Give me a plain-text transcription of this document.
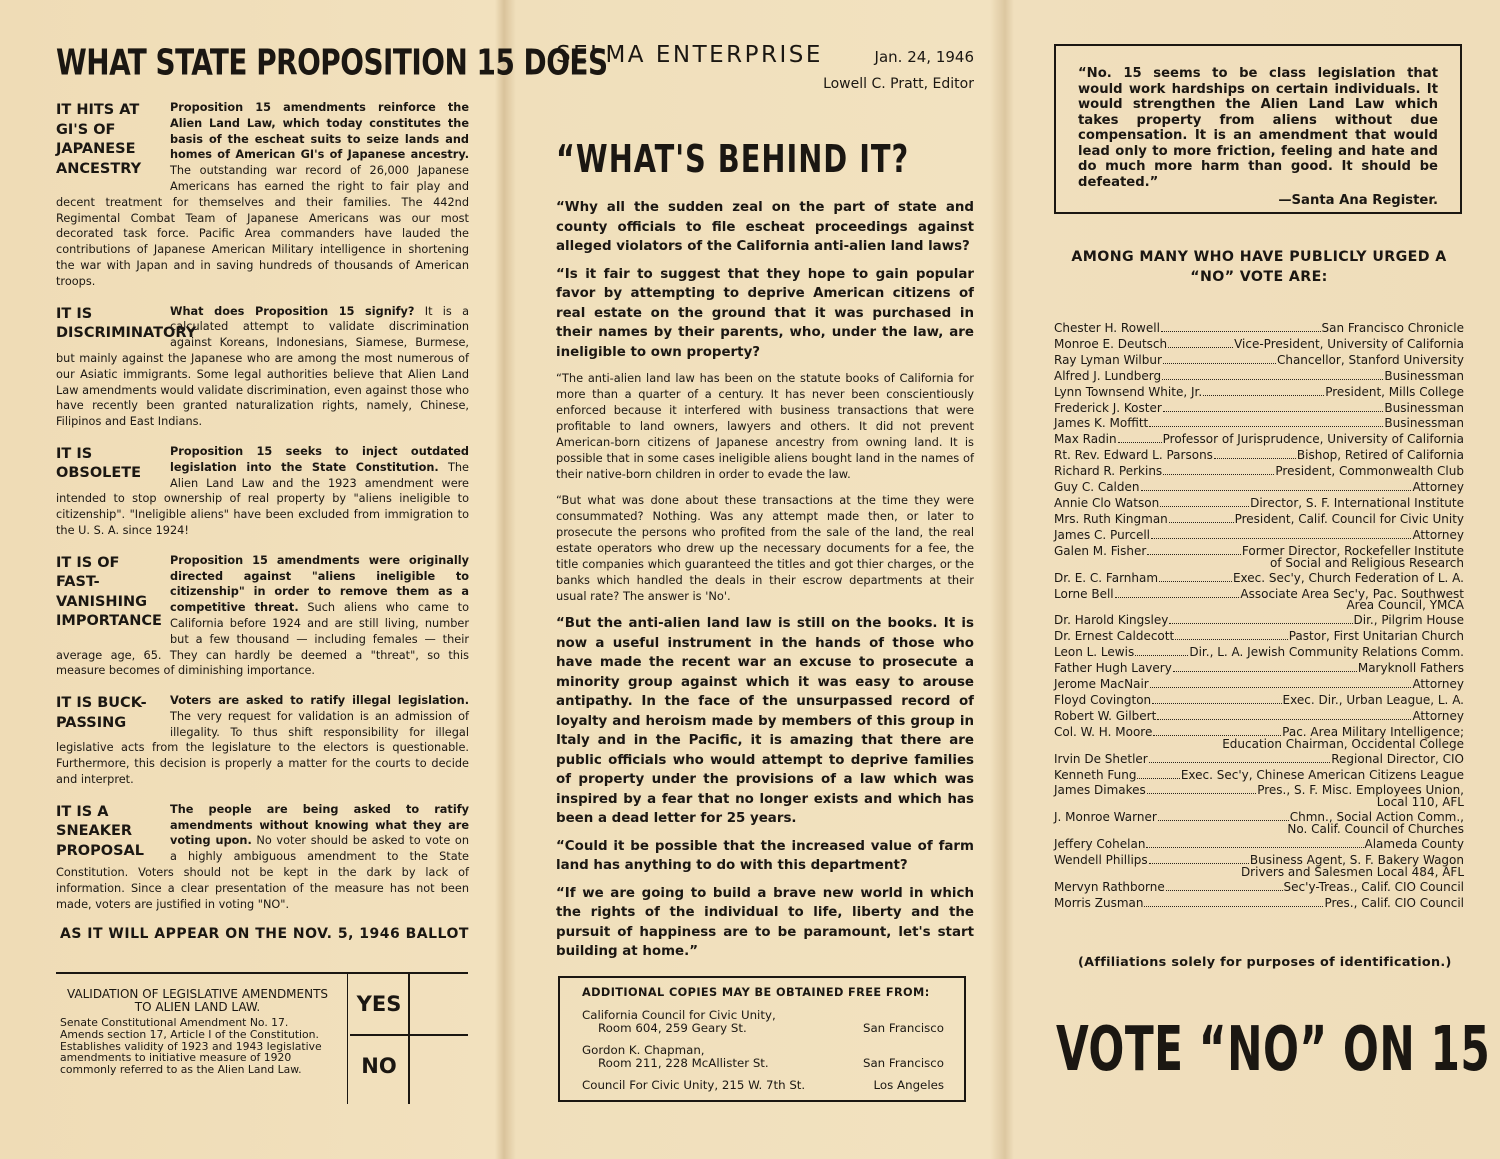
WHAT STATE PROPOSITION 15 DOES

IT HITS AT GI'S OF JAPANESE ANCESTRY
Proposition 15 amendments reinforce the Alien Land Law, which today constitutes the basis of the escheat suits to seize lands and homes of American GI's of Japanese ancestry. The outstanding war record of 26,000 Japanese Americans has earned the right to fair play and decent treatment for themselves and their families. The 442nd Regimental Combat Team of Japanese Americans was our most decorated task force. Pacific Area commanders have lauded the contributions of Japanese American Military intelligence in shortening the war with Japan and in saving hundreds of thousands of American troops.

IT IS DISCRIMINATORY
What does Proposition 15 signify? It is a calculated attempt to validate discrimination against Koreans, Indonesians, Siamese, Burmese, but mainly against the Japanese who are among the most numerous of our Asiatic immigrants. Some legal authorities believe that Alien Land Law amendments would validate discrimination, even against those who have recently been granted naturalization rights, namely, Chinese, Filipinos and East Indians.

IT IS OBSOLETE
Proposition 15 seeks to inject outdated legislation into the State Constitution. The Alien Land Law and the 1923 amendment were intended to stop ownership of real property by "aliens ineligible to citizenship". "Ineligible aliens" have been excluded from immigration to the U. S. A. since 1924!

IT IS OF FAST-VANISHING IMPORTANCE
Proposition 15 amendments were originally directed against "aliens ineligible to citizenship" in order to remove them as a competitive threat. Such aliens who came to California before 1924 and are still living, number but a few thousand — including females — their average age, 65. They can hardly be deemed a "threat", so this measure becomes of diminishing importance.

IT IS BUCK-PASSING
Voters are asked to ratify illegal legislation. The very request for validation is an admission of illegality. To thus shift responsibility for illegal legislative acts from the legislature to the electors is questionable. Furthermore, this decision is properly a matter for the courts to decide and interpret.

IT IS A SNEAKER PROPOSAL
The people are being asked to ratify amendments without knowing what they are voting upon. No voter should be asked to vote on a highly ambiguous amendment to the State Constitution. Voters should not be kept in the dark by lack of information. Since a clear presentation of the measure has not been made, voters are justified in voting "NO".

AS IT WILL APPEAR ON THE NOV. 5, 1946 BALLOT
VALIDATION OF LEGISLATIVE AMENDMENTS TO ALIEN LAND LAW.
Senate Constitutional Amendment No. 17. Amends section 17, Article I of the Constitution. Establishes validity of 1923 and 1943 legislative amendments to initiative measure of 1920 commonly referred to as the Alien Land Law.
YES
NO
SELMA ENTERPRISE	Jan. 24, 1946
Lowell C. Pratt, Editor
“WHAT'S BEHIND IT?

“Why all the sudden zeal on the part of state and county officials to file escheat proceedings against alleged violators of the California anti-alien land laws?

“Is it fair to suggest that they hope to gain popular favor by attempting to deprive American citizens of real estate on the ground that it was purchased in their names by their parents, who, under the law, are ineligible to own property?

“The anti-alien land law has been on the statute books of California for more than a quarter of a century. It has never been conscientiously enforced because it interfered with business transactions that were profitable to land owners, lawyers and others. It did not prevent American-born citizens of Japanese ancestry from owning land. It is possible that in some cases ineligible aliens bought land in the names of their native-born children in order to evade the law.

“But what was done about these transactions at the time they were consummated? Nothing. Was any attempt made then, or later to prosecute the persons who profited from the sale of the land, the real estate operators who drew up the necessary documents for a fee, the title companies which guaranteed the titles and got thier charges, or the banks which handled the deals in their escrow departments at their usual rate? The answer is 'No'.

“But the anti-alien land law is still on the books. It is now a useful instrument in the hands of those who have made the recent war an excuse to prosecute a minority group against which it was easy to arouse antipathy. In the face of the unsurpassed record of loyalty and heroism made by members of this group in Italy and in the Pacific, it is amazing that there are public officials who would attempt to deprive families of property under the provisions of a law which was inspired by a fear that no longer exists and which has been a dead letter for 25 years.

“Could it be possible that the increased value of farm land has anything to do with this department?

“If we are going to build a brave new world in which the rights of the individual to life, liberty and the pursuit of happiness are to be paramount, let's start building at home.”

ADDITIONAL COPIES MAY BE OBTAINED FREE FROM:
California Council for Civic Unity,
Room 604, 259 Geary St.	San Francisco
Gordon K. Chapman,
Room 211, 228 McAllister St.	San Francisco
Council For Civic Unity, 215 W. 7th St.	Los Angeles
“No. 15 seems to be class legislation that would work hardships on certain individuals. It would strengthen the Alien Land Law which takes property from aliens without due compensation. It is an amendment that would lead only to more friction, feeling and hate and do much more harm than good. It should be defeated.”
—Santa Ana Register.
AMONG MANY WHO HAVE PUBLICLY URGED A “NO” VOTE ARE:
Chester H. Rowell	San Francisco Chronicle
Monroe E. Deutsch	Vice-President, University of California
Ray Lyman Wilbur	Chancellor, Stanford University
Alfred J. Lundberg	Businessman
Lynn Townsend White, Jr.	President, Mills College
Frederick J. Koster	Businessman
James K. Moffitt	Businessman
Max Radin	Professor of Jurisprudence, University of California
Rt. Rev. Edward L. Parsons	Bishop, Retired of California
Richard R. Perkins	President, Commonwealth Club
Guy C. Calden	Attorney
Annie Clo Watson	Director, S. F. International Institute
Mrs. Ruth Kingman	President, Calif. Council for Civic Unity
James C. Purcell	Attorney
Galen M. Fisher	Former Director, Rockefeller Institute
of Social and Religious Research
Dr. E. C. Farnham	Exec. Sec'y, Church Federation of L. A.
Lorne Bell	Associate Area Sec'y, Pac. Southwest
Area Council, YMCA
Dr. Harold Kingsley	Dir., Pilgrim House
Dr. Ernest Caldecott	Pastor, First Unitarian Church
Leon L. Lewis	Dir., L. A. Jewish Community Relations Comm.
Father Hugh Lavery	Maryknoll Fathers
Jerome MacNair	Attorney
Floyd Covington	Exec. Dir., Urban League, L. A.
Robert W. Gilbert	Attorney
Col. W. H. Moore	Pac. Area Military Intelligence;
Education Chairman, Occidental College
Irvin De Shetler	Regional Director, CIO
Kenneth Fung	Exec. Sec'y, Chinese American Citizens League
James Dimakes	Pres., S. F. Misc. Employees Union,
Local 110, AFL
J. Monroe Warner	Chmn., Social Action Comm.,
No. Calif. Council of Churches
Jeffery Cohelan	Alameda County
Wendell Phillips	Business Agent, S. F. Bakery Wagon
Drivers and Salesmen Local 484, AFL
Mervyn Rathborne	Sec'y-Treas., Calif. CIO Council
Morris Zusman	Pres., Calif. CIO Council
(Affiliations solely for purposes of identification.)
VOTE “NO” ON 15
